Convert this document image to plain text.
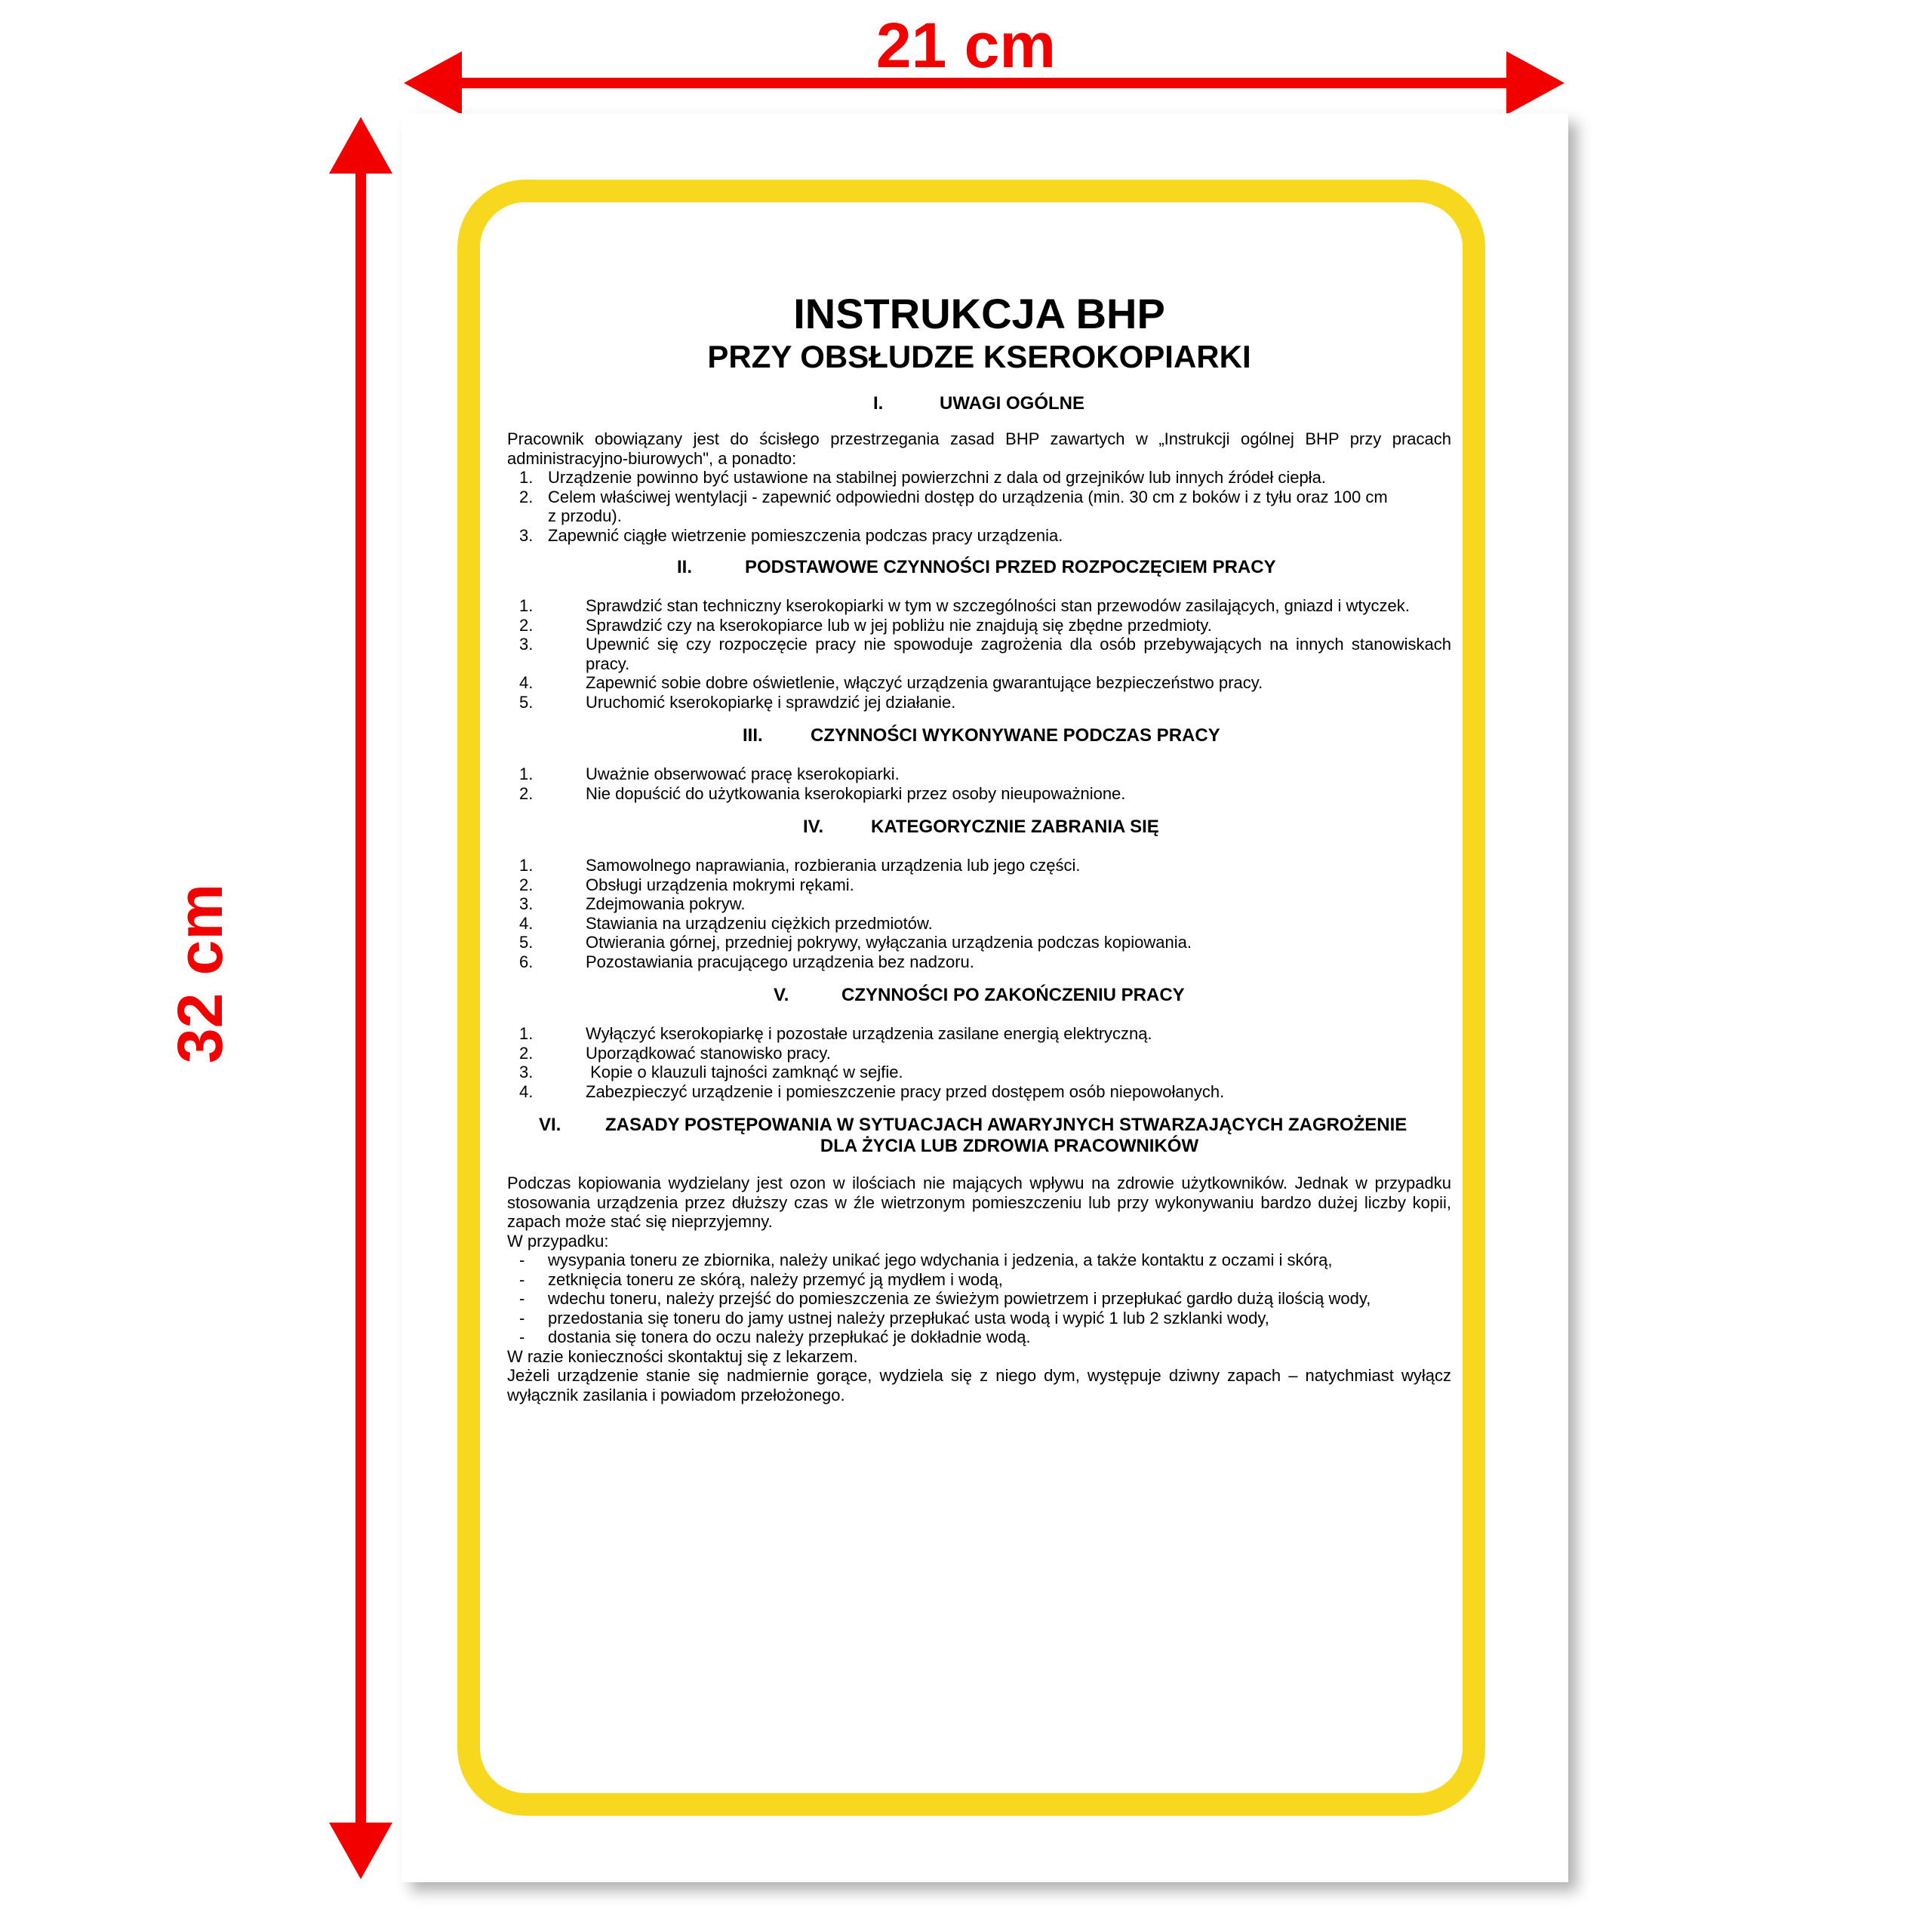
21 cm
32 cm
INSTRUKCJA BHP
PRZY OBSŁUDZE KSEROKOPIARKI
I.	UWAGI OGÓLNE

Pracownik obowiązany jest do ścisłego przestrzegania zasad BHP zawartych w „Instrukcji ogólnej BHP przy pracach administracyjno-biurowych", a ponadto:

1. Urządzenie powinno być ustawione na stabilnej powierzchni z dala od grzejników lub innych źródeł ciepła.
2. Celem właściwej wentylacji - zapewnić odpowiedni dostęp do urządzenia (min. 30 cm z boków i z tyłu oraz 100 cm z przodu).
3. Zapewnić ciągłe wietrzenie pomieszczenia podczas pracy urządzenia.
II.	PODSTAWOWE CZYNNOŚCI PRZED ROZPOCZĘCIEM PRACY
1.	Sprawdzić stan techniczny kserokopiarki w tym w szczególności stan przewodów zasilających, gniazd i wtyczek.
2.	Sprawdzić czy na kserokopiarce lub w jej pobliżu nie znajdują się zbędne przedmioty.
3.	Upewnić się czy rozpoczęcie pracy nie spowoduje zagrożenia dla osób przebywających na innych stanowiskach pracy.
4.	Zapewnić sobie dobre oświetlenie, włączyć urządzenia gwarantujące bezpieczeństwo pracy.
5.	Uruchomić kserokopiarkę i sprawdzić jej działanie.
III.	CZYNNOŚCI WYKONYWANE PODCZAS PRACY
1.	Uważnie obserwować pracę kserokopiarki.
2.	Nie dopuścić do użytkowania kserokopiarki przez osoby nieupoważnione.
IV.	KATEGORYCZNIE ZABRANIA SIĘ
1.	Samowolnego naprawiania, rozbierania urządzenia lub jego części.
2.	Obsługi urządzenia mokrymi rękami.
3.	Zdejmowania pokryw.
4.	Stawiania na urządzeniu ciężkich przedmiotów.
5.	Otwierania górnej, przedniej pokrywy, wyłączania urządzenia podczas kopiowania.
6.	Pozostawiania pracującego urządzenia bez nadzoru.
V.	CZYNNOŚCI PO ZAKOŃCZENIU PRACY
1.	Wyłączyć kserokopiarkę i pozostałe urządzenia zasilane energią elektryczną.
2.	Uporządkować stanowisko pracy.
3.	Kopie o klauzuli tajności zamknąć w sejfie.
4.	Zabezpieczyć urządzenie i pomieszczenie pracy przed dostępem osób niepowołanych.
VI.	ZASADY POSTĘPOWANIA W SYTUACJACH AWARYJNYCH STWARZAJĄCYCH ZAGROŻENIE
DLA ŻYCIA LUB ZDROWIA PRACOWNIKÓW

Podczas kopiowania wydzielany jest ozon w ilościach nie mających wpływu na zdrowie użytkowników. Jednak w przypadku stosowania urządzenia przez dłuższy czas w źle wietrzonym pomieszczeniu lub przy wykonywaniu bardzo dużej liczby kopii, zapach może stać się nieprzyjemny.

W przypadku:

-	wysypania toneru ze zbiornika, należy unikać jego wdychania i jedzenia, a także kontaktu z oczami i skórą,
-	zetknięcia toneru ze skórą, należy przemyć ją mydłem i wodą,
-	wdechu toneru, należy przejść do pomieszczenia ze świeżym powietrzem i przepłukać gardło dużą ilością wody,
-	przedostania się toneru do jamy ustnej należy przepłukać usta wodą i wypić 1 lub 2 szklanki wody,
-	dostania się tonera do oczu należy przepłukać je dokładnie wodą.

W razie konieczności skontaktuj się z lekarzem.

Jeżeli urządzenie stanie się nadmiernie gorące, wydziela się z niego dym, występuje dziwny zapach – natychmiast wyłącz wyłącznik zasilania i powiadom przełożonego.
